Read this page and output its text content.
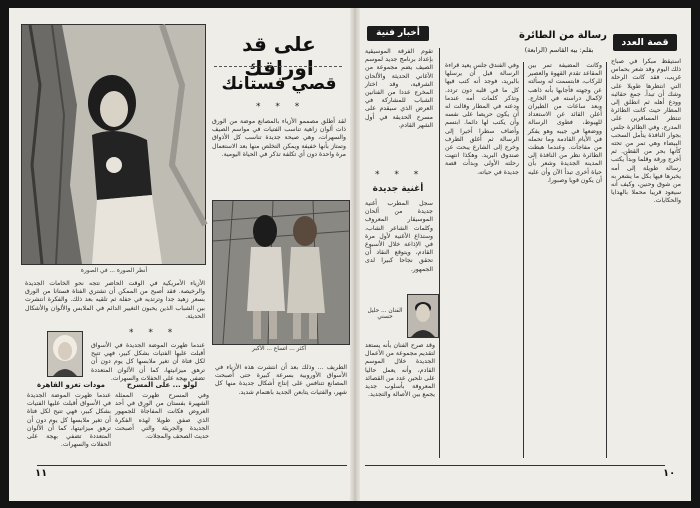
أنظر الصورة ... في الصورة
على قد اوراقك
قصي فستانك
* * *
لقد أطلق مصممو الأزياء بالمصانع موضة من الورق ذات ألوان زاهية تناسب الفتيات في مواسم الصيف والسهرات، وهي صيحة جديدة تناسب كل الأذواق وتمتاز بأنها خفيفة ويمكن التخلص منها بعد الاستعمال مرة واحدة دون أي تكلفة تذكر في الحياة اليومية.
أكثر ... اتساع ... الأكبر
الأزياء الأمريكية في الوقت الحاضر تتجه نحو الخامات الجديدة والرخيصة. فقد أصبح من الممكن أن تشتري الفتاة فستانا من الورق بسعر زهيد جدا وترتديه في حفلة ثم تلقيه بعد ذلك. والفكرة انتشرت بين الشباب الذين يحبون التغيير الدائم في الملابس والألوان والأشكال الحديثة.
* * *
عندما ظهرت الموضة الجديدة في الأسواق أقبلت عليها الفتيات بشكل كبير، فهي تتيح لكل فتاة أن تغير ملابسها كل يوم دون أن ترهق ميزانيتها، كما أن الألوان المتعددة تضفي بهجة على الحفلات والسهرات.
لولو ... على المسرح
مودات تغزو القاهرة
وفي المسرح ظهرت الممثلة الشهيرة بفستان من الورق في أحد العروض فكانت المفاجأة للجمهور الذي صفق طويلا لهذه الفكرة الجديدة والجريئة والتي أصبحت حديث الصحف والمجلات.
عندما ظهرت الموضة الجديدة في الأسواق أقبلت عليها الفتيات بشكل كبير، فهي تتيح لكل فتاة أن تغير ملابسها كل يوم دون أن ترهق ميزانيتها، كما أن الألوان المتعددة تضفي بهجة على الحفلات والسهرات.
الطريف ... وذلك بعد أن انتشرت هذه الأزياء في الأسواق الأوروبية بسرعة كبيرة حتى أصبحت المصانع تتنافس على إنتاج أشكال جديدة منها كل شهر، والفتيات يتابعن الجديد باهتمام شديد.
١١
أخبار فنية
قصة العدد
رسالة من الطائرة
بقلم: بيه القاسم (الرابعة)
تقوم الفرقة الموسيقية بإعداد برنامج جديد لموسم الصيف يضم مجموعة من الأغاني الحديثة والألحان الشرقية، وقد اختار المخرج عددا من الفنانين الشباب للمشاركة في العرض الذي سيقدم على مسرح الحديقة في أول الشهر القادم.
* * *
أغنية جديدة
سجل المطرب أغنية جديدة من ألحان الموسيقار المعروف وكلمات الشاعر الشاب، وستذاع الأغنية لأول مرة في الإذاعة خلال الأسبوع القادم، ويتوقع النقاد أن تحقق نجاحا كبيرا لدى الجمهور.
الفنان ... حليل حسني
وقد صرح الفنان بأنه يستعد لتقديم مجموعة من الأعمال الجديدة خلال الموسم القادم، وأنه يعمل حاليا على تلحين عدد من القصائد المعروفة بأسلوب جديد يجمع بين الأصالة والتجديد.
وفي الفندق جلس يعيد قراءة الرسالة قبل أن يرسلها بالبريد، فوجد أنه كتب فيها كل ما في قلبه دون تردد. وتذكر كلمات أمه عندما ودعته في المطار وقالت له أن يكون حريصا على نفسه وأن يكتب لها دائما. ابتسم وأضاف سطرا أخيرا إلى الرسالة ثم أغلق الظرف وخرج إلى الشارع يبحث عن صندوق البريد. وهكذا انتهت رحلته الأولى وبدأت قصة جديدة في حياته.
وكانت المضيفة تمر بين المقاعد تقدم القهوة والعصير للركاب، فابتسمت له وسألته عن وجهته فأجابها بأنه ذاهب لإكمال دراسته في الخارج. وبعد ساعات من الطيران أعلن القائد عن الاستعداد للهبوط، فطوى الرسالة ووضعها في جيبه وهو يفكر في الأيام القادمة وما تحمله من مفاجآت. وعندما هبطت الطائرة نظر من النافذة إلى المدينة الجديدة وشعر بأن حياة أخرى تبدأ الآن وأن عليه أن يكون قويا وصبورا.
استيقظ مبكرا في صباح ذلك اليوم وقد شعر بحماس غريب، فقد كانت الرحلة التي انتظرها طويلا على وشك أن تبدأ. جمع حقائبه وودع أهله ثم انطلق إلى المطار حيث كانت الطائرة تنتظر المسافرين على المدرج. وفي الطائرة جلس بجوار النافذة يتأمل السحب البيضاء وهي تمر من تحته كأنها بحر من القطن. ثم أخرج ورقة وقلما وبدأ يكتب رسالة طويلة إلى أمه يخبرها فيها بكل ما يشعر به من شوق وحنين، وكيف أنه سيعود قريبا محملا بالهدايا والحكايات.
١٠
